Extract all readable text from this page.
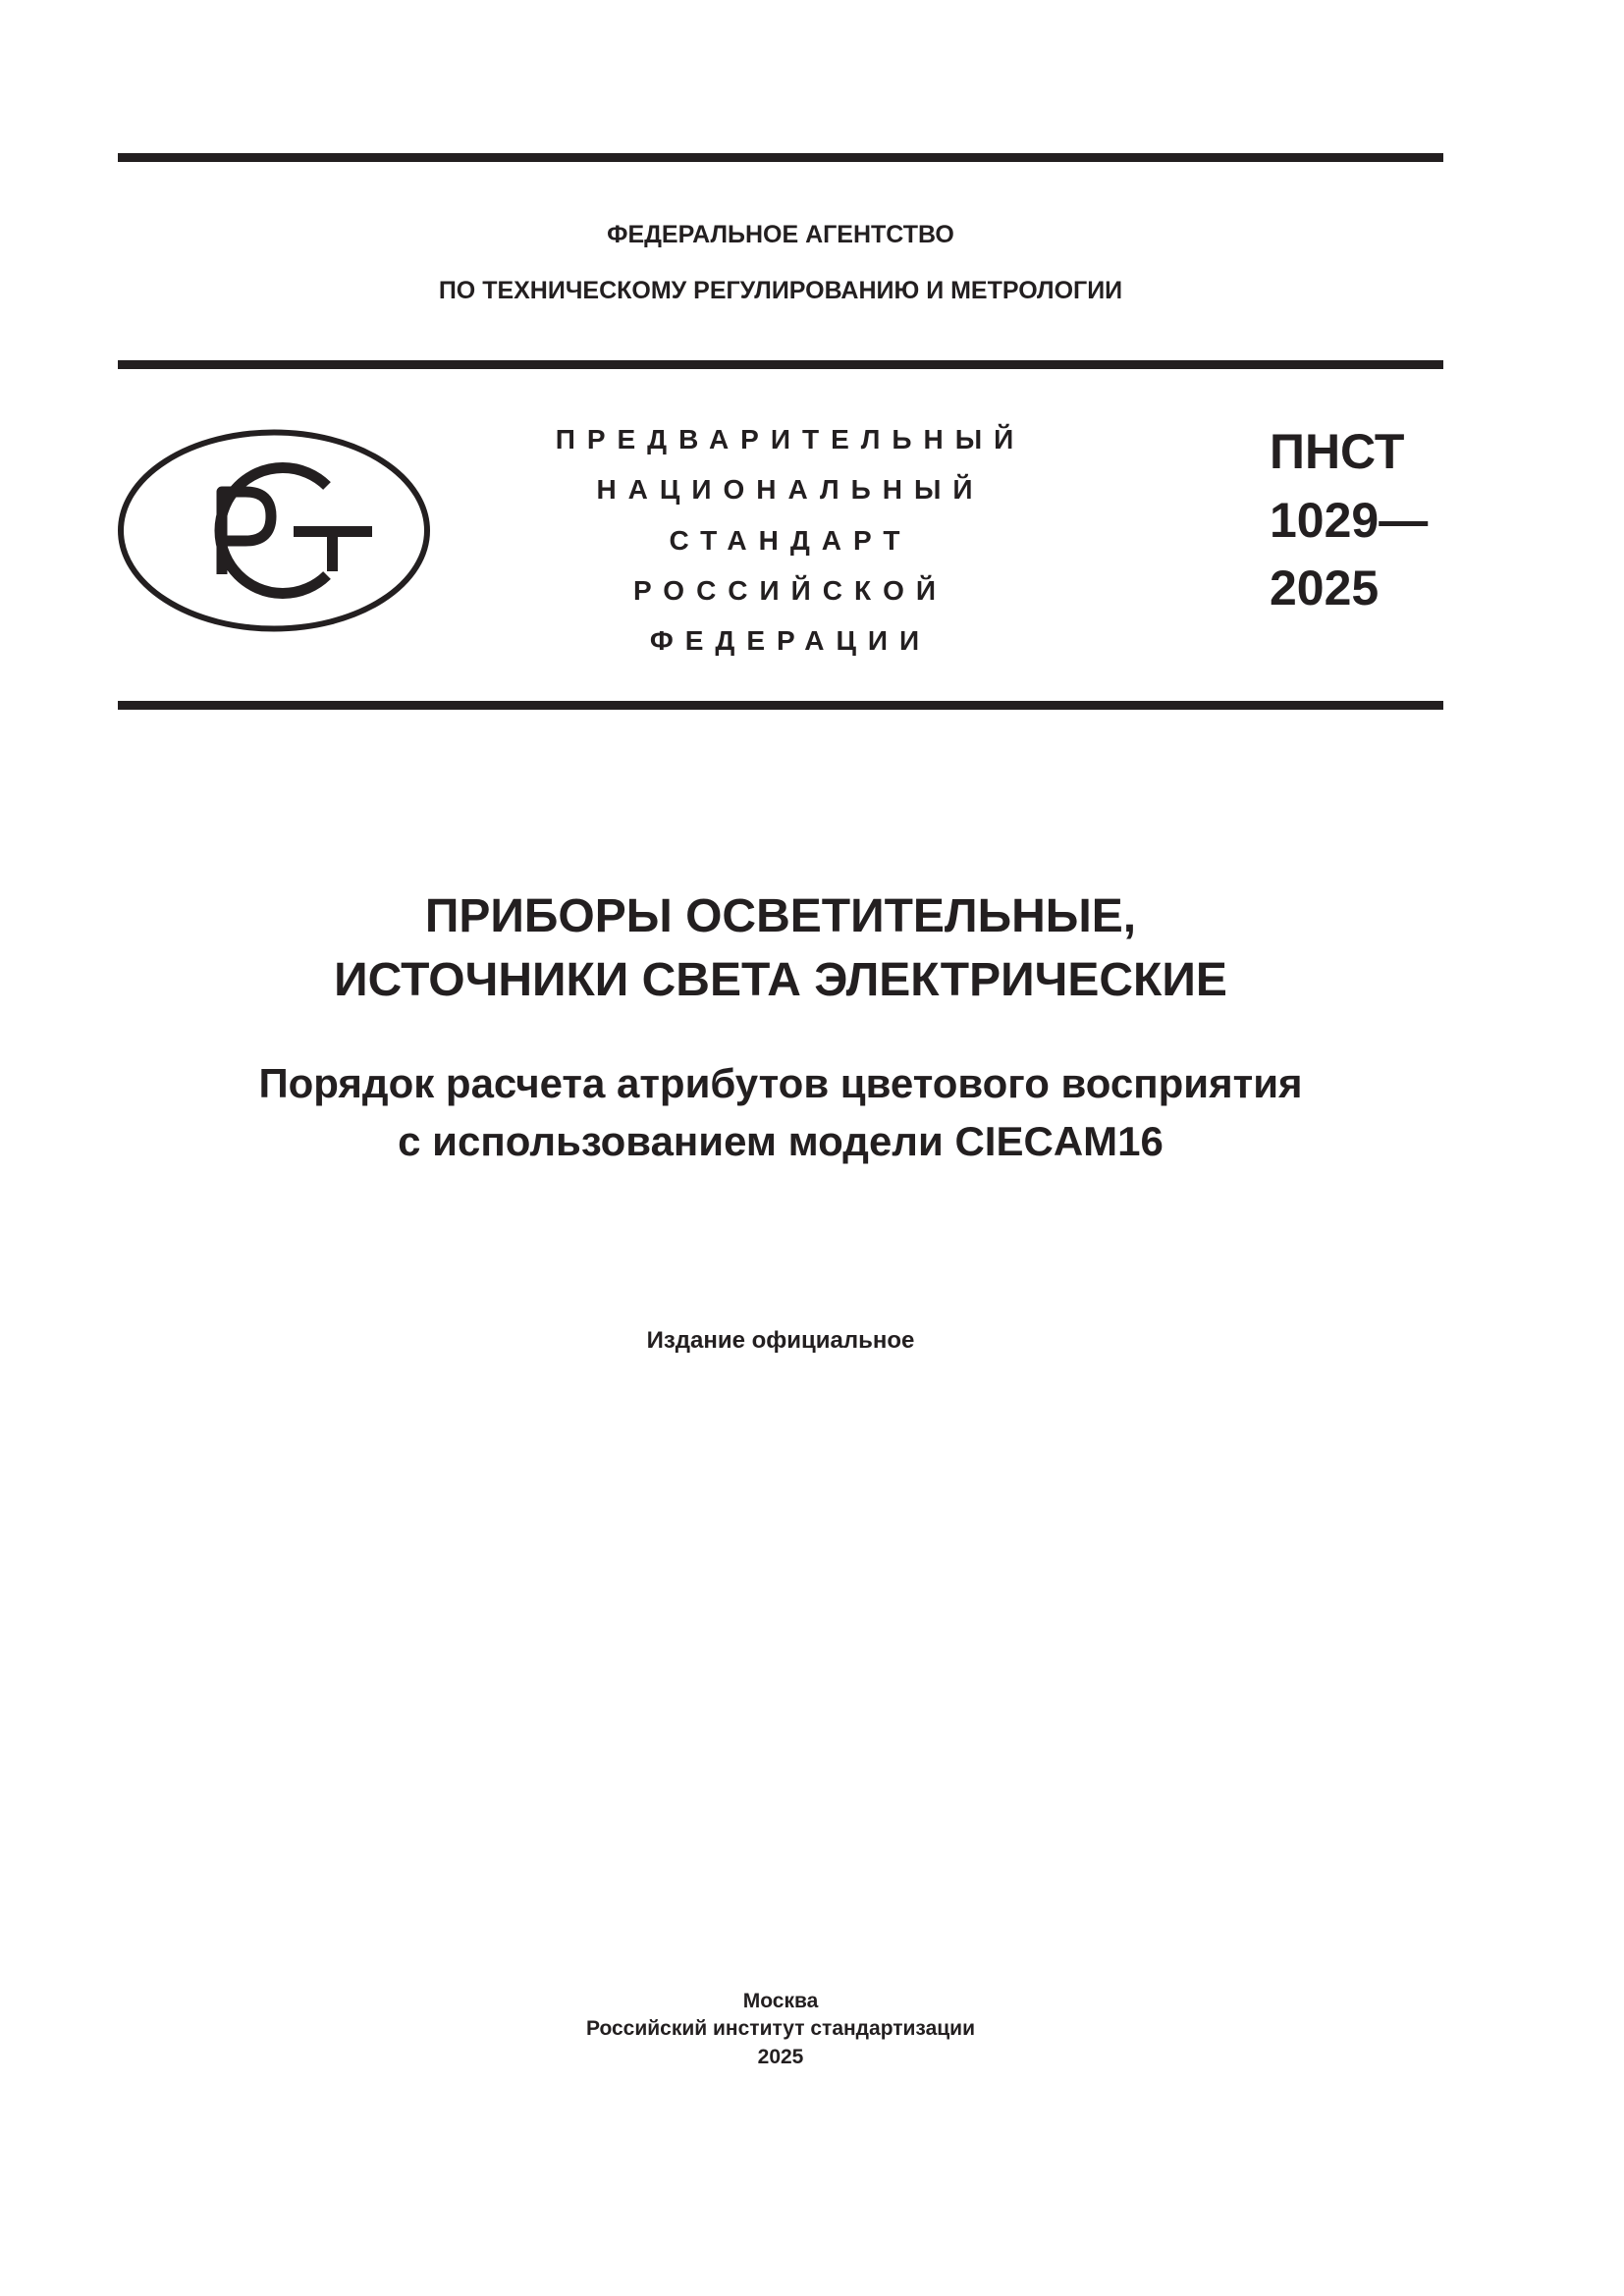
ФЕДЕРАЛЬНОЕ АГЕНТСТВО
ПО ТЕХНИЧЕСКОМУ РЕГУЛИРОВАНИЮ И МЕТРОЛОГИИ
ПРЕДВАРИТЕЛЬНЫЙ
НАЦИОНАЛЬНЫЙ
СТАНДАРТ
РОССИЙСКОЙ
ФЕДЕРАЦИИ
ПНСТ
1029—
2025
ПРИБОРЫ ОСВЕТИТЕЛЬНЫЕ,
ИСТОЧНИКИ СВЕТА ЭЛЕКТРИЧЕСКИЕ
Порядок расчета атрибутов цветового восприятия
с использованием модели CIECAM16
Издание официальное
Москва
Российский институт стандартизации
2025
